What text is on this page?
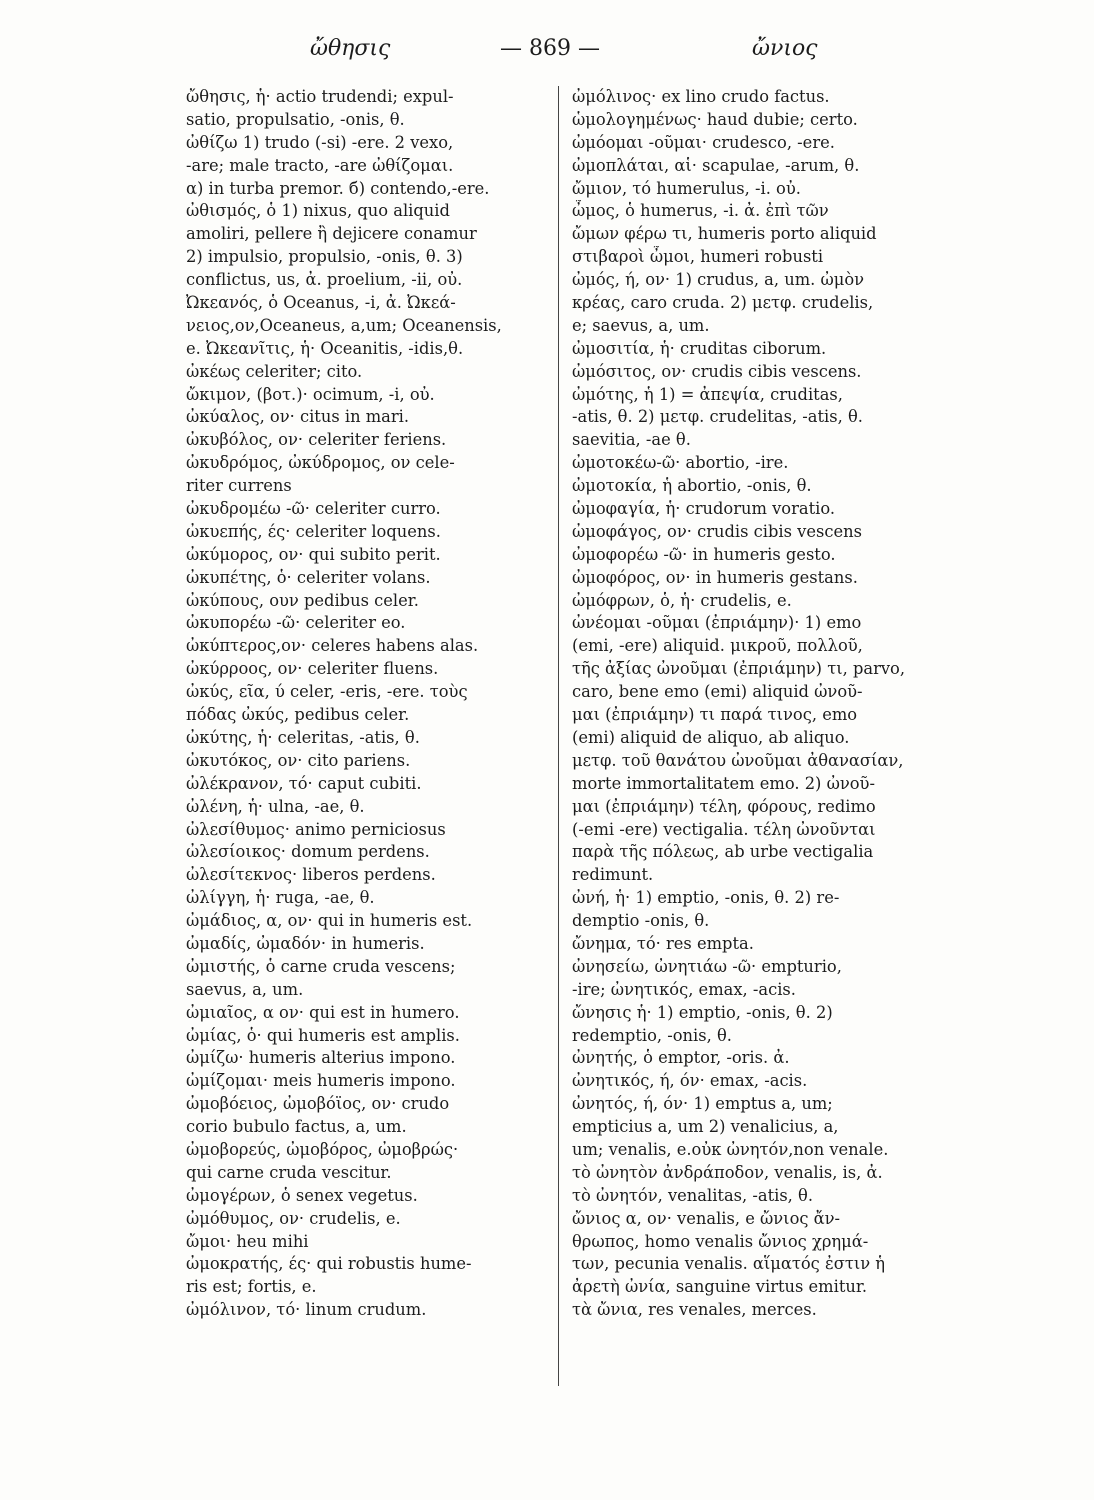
ὤθησις	— 869 —	ὤνιος
ὤθησις, ἡ· actio trudendi; expul-
satio, propulsatio, -onis, θ.
ὠθίζω 1) trudo (-si) -ere. 2 vexo,
-are; male tracto, -are ὠθίζομαι.
α) in turba premor. б) contendo,-ere.
ὠθισμός, ὁ 1) nixus, quo aliquid
amoliri, pellere ἢ dejicere conamur
2) impulsio, propulsio, -onis, θ. 3)
conflictus, us, ἀ. proelium, -ii, οὐ.
Ὠκεανός, ὁ Oceanus, -i, ἀ. Ὠκεά-
νειος,ον,Oceaneus, a,um; Oceanensis,
e. Ὠκεανῖτις, ἡ· Oceanitis, -idis,θ.
ὠκέως celeriter; cito.
ὤκιμον, (βοτ.)· ocimum, -i, οὐ.
ὠκύαλος, ον· citus in mari.
ὠκυβόλος, ον· celeriter feriens.
ὠκυδρόμος, ὠκύδρομος, ον cele-
riter currens
ὠκυδρομέω -ῶ· celeriter curro.
ὠκυεπής, ές· celeriter loquens.
ὠκύμορος, ον· qui subito perit.
ὠκυπέτης, ὁ· celeriter volans.
ὠκύπους, ουν pedibus celer.
ὠκυπορέω -ῶ· celeriter eo.
ὠκύπτερος,ον· celeres habens alas.
ὠκύρροος, ον· celeriter fluens.
ὠκύς, εῖα, ύ celer, -eris, -ere. τοὺς
πόδας ὠκύς, pedibus celer.
ὠκύτης, ἡ· celeritas, -atis, θ.
ὠκυτόκος, ον· cito pariens.
ὠλέκρανον, τό· caput cubiti.
ὠλένη, ἡ· ulna, -ae, θ.
ὠλεσίθυμος· animo perniciosus
ὠλεσίοικος· domum perdens.
ὠλεσίτεκνος· liberos perdens.
ὠλίγγη, ἡ· ruga, -ae, θ.
ὠμάδιος, α, ον· qui in humeris est.
ὠμαδίς, ὠμαδόν· in humeris.
ὠμιστής, ὁ carne cruda vescens;
saevus, a, um.
ὠμιαῖος, α ον· qui est in humero.
ὠμίας, ὁ· qui humeris est amplis.
ὠμίζω· humeris alterius impono.
ὠμίζομαι· meis humeris impono.
ὠμοβόειος, ὠμοβόϊος, ον· crudo
corio bubulo factus, a, um.
ὠμοβορεύς, ὠμοβόρος, ὠμοβρώς·
qui carne cruda vescitur.
ὠμογέρων, ὁ senex vegetus.
ὠμόθυμος, ον· crudelis, e.
ὤμοι· heu mihi
ὠμοκρατής, ές· qui robustis hume-
ris est; fortis, e.
ὠμόλινον, τό· linum crudum.
ὠμόλινος· ex lino crudo factus.
ὡμολογημένως· haud dubie; certo.
ὠμόομαι -οῦμαι· crudesco, -ere.
ὠμοπλάται, αἱ· scapulae, -arum, θ.
ὤμιον, τό humerulus, -i. οὐ.
ὦμος, ὁ humerus, -i. ἀ. ἐπὶ τῶν
ὤμων φέρω τι, humeris porto aliquid
στιβαροὶ ὦμοι, humeri robusti
ὠμός, ή, ον· 1) crudus, a, um. ὠμὸν
κρέας, caro cruda. 2) μετφ. crudelis,
e; saevus, a, um.
ὠμοσιτία, ἡ· cruditas ciborum.
ὠμόσιτος, ον· crudis cibis vescens.
ὠμότης, ἡ 1) = ἀπεψία, cruditas,
-atis, θ. 2) μετφ. crudelitas, -atis, θ.
saevitia, -ae θ.
ὠμοτοκέω-ῶ· abortio, -ire.
ὠμοτοκία, ἡ abortio, -onis, θ.
ὠμοφαγία, ἡ· crudorum voratio.
ὠμοφάγος, ον· crudis cibis vescens
ὠμοφορέω -ῶ· in humeris gesto.
ὠμοφόρος, ον· in humeris gestans.
ὠμόφρων, ὁ, ἡ· crudelis, e.
ὠνέομαι -οῦμαι (ἐπριάμην)· 1) emo
(emi, -ere) aliquid. μικροῦ, πολλοῦ,
τῆς ἀξίας ὠνοῦμαι (ἐπριάμην) τι, parvo,
caro, bene emo (emi) aliquid ὠνοῦ-
μαι (ἐπριάμην) τι παρά τινος, emo
(emi) aliquid de aliquo, ab aliquo.
μετφ. τοῦ θανάτου ὠνοῦμαι ἀθανασίαν,
morte immortalitatem emo. 2) ὠνοῦ-
μαι (ἐπριάμην) τέλη, φόρους, redimo
(-emi -ere) vectigalia. τέλη ὠνοῦνται
παρὰ τῆς πόλεως, ab urbe vectigalia
redimunt.
ὠνή, ἡ· 1) emptio, -onis, θ. 2) re-
demptio -onis, θ.
ὤνημα, τό· res empta.
ὠνησείω, ὠνητιάω -ῶ· empturio,
-ire; ὠνητικός, emax, -acis.
ὤνησις ἡ· 1) emptio, -onis, θ. 2)
redemptio, -onis, θ.
ὠνητής, ὁ emptor, -oris. ἀ.
ὠνητικός, ή, όν· emax, -acis.
ὠνητός, ή, όν· 1) emptus a, um;
empticius a, um 2) venalicius, a,
um; venalis, e.οὐκ ὠνητόν,non venale.
τὸ ὠνητὸν ἀνδράποδον, venalis, is, ἀ.
τὸ ὠνητόν, venalitas, -atis, θ.
ὤνιος α, ον· venalis, e ὤνιος ἄν-
θρωπος, homo venalis ὤνιος χρημά-
των, pecunia venalis. αἵματός ἐστιν ἡ
ἀρετὴ ὠνία, sanguine virtus emitur.
τὰ ὤνια, res venales, merces.
